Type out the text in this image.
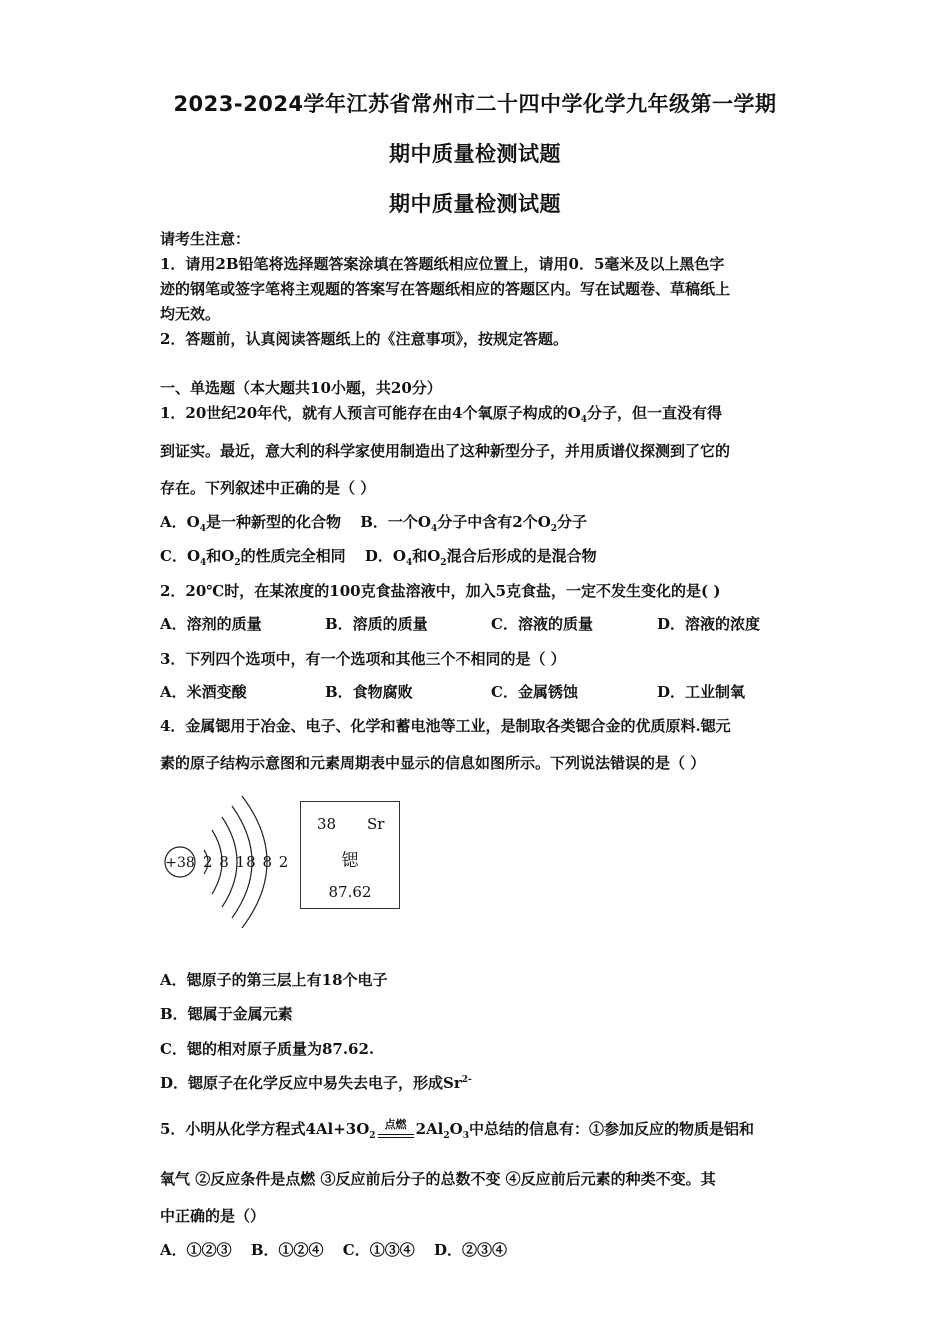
2023-2024学年江苏省常州市二十四中学化学九年级第一学期
期中质量检测试题
期中质量检测试题
请考生注意：
1．请用2B铅笔将选择题答案涂填在答题纸相应位置上，请用0．5毫米及以上黑色字
迹的钢笔或签字笔将主观题的答案写在答题纸相应的答题区内。写在试题卷、草稿纸上
均无效。
2．答题前，认真阅读答题纸上的《注意事项》，按规定答题。
一、单选题（本大题共10小题，共20分）
1．20世纪20年代，就有人预言可能存在由4个氧原子构成的$O_4$分子，但一直没有得
到证实。最近，意大利的科学家使用制造出了这种新型分子，并用质谱仪探测到了它的
存在。下列叙述中正确的是（ ）
A．$O_4$是一种新型的化合物 B．一个$O_4$分子中含有2个$O_2$分子
C．$O_4$和$O_2$的性质完全相同 D．$O_4$和$O_2$混合后形成的是混合物
2．20℃时，在某浓度的100克食盐溶液中，加入5克食盐，一定不发生变化的是( )
A．溶剂的质量	B．溶质的质量	C．溶液的质量	D．溶液的浓度
3．下列四个选项中，有一个选项和其他三个不相同的是（ ）
A．米酒变酸	B．食物腐败	C．金属锈蚀	D．工业制氧
4．金属锶用于冶金、电子、化学和蓄电池等工业，是制取各类锶合金的优质原料.锶元
素的原子结构示意图和元素周期表中显示的信息如图所示。下列说法错误的是（ ）
+38 2 8 18 8 2
38 Sr
锶
87.62
A．锶原子的第三层上有18个电子
B．锶属于金属元素
C．锶的相对原子质量为87.62.
D．锶原子在化学反应中易失去电子，形成$Sr^{2-}$
5．小明从化学方程式$4Al+3O_2$
点燃 $2Al_2O_3$中总结的信息有：①参加反应的物质是铝和
氧气 ②反应条件是点燃 ③反应前后分子的总数不变 ④反应前后元素的种类不变。其
中正确的是（）
A．①②③ B．①②④ C．①③④ D．②③④
